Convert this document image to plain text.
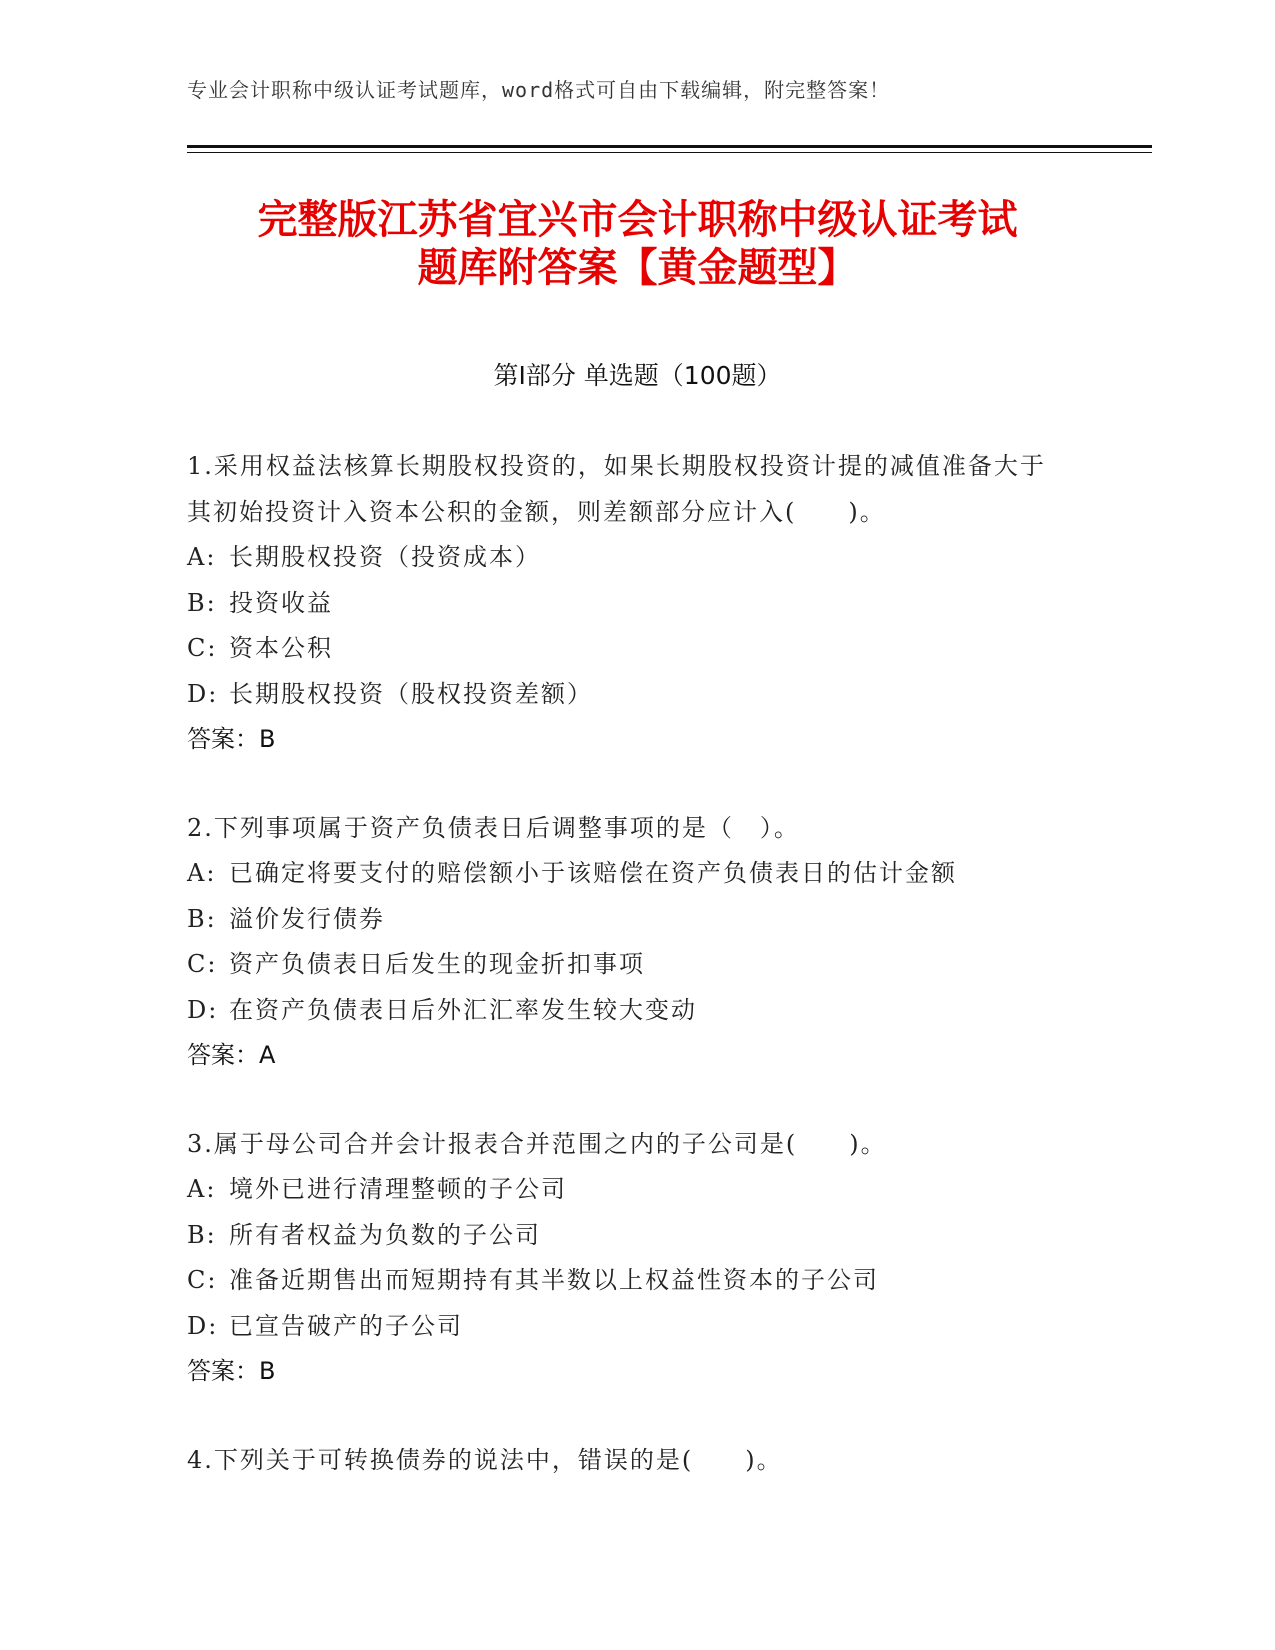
专业会计职称中级认证考试题库，word格式可自由下载编辑，附完整答案！
完整版江苏省宜兴市会计职称中级认证考试
题库附答案【黄金题型】
第Ⅰ部分 单选题（100题）
1.采用权益法核算长期股权投资的，如果长期股权投资计提的减值准备大于其初始投资计入资本公积的金额，则差额部分应计入(　　)。
A: 长期股权投资（投资成本）
B: 投资收益
C: 资本公积
D: 长期股权投资（股权投资差额）
答案：B
2.下列事项属于资产负债表日后调整事项的是（　）。
A: 已确定将要支付的赔偿额小于该赔偿在资产负债表日的估计金额
B: 溢价发行债券
C: 资产负债表日后发生的现金折扣事项
D: 在资产负债表日后外汇汇率发生较大变动
答案：A
3.属于母公司合并会计报表合并范围之内的子公司是(　　)。
A: 境外已进行清理整顿的子公司
B: 所有者权益为负数的子公司
C: 准备近期售出而短期持有其半数以上权益性资本的子公司
D: 已宣告破产的子公司
答案：B
4.下列关于可转换债券的说法中，错误的是(　　)。
